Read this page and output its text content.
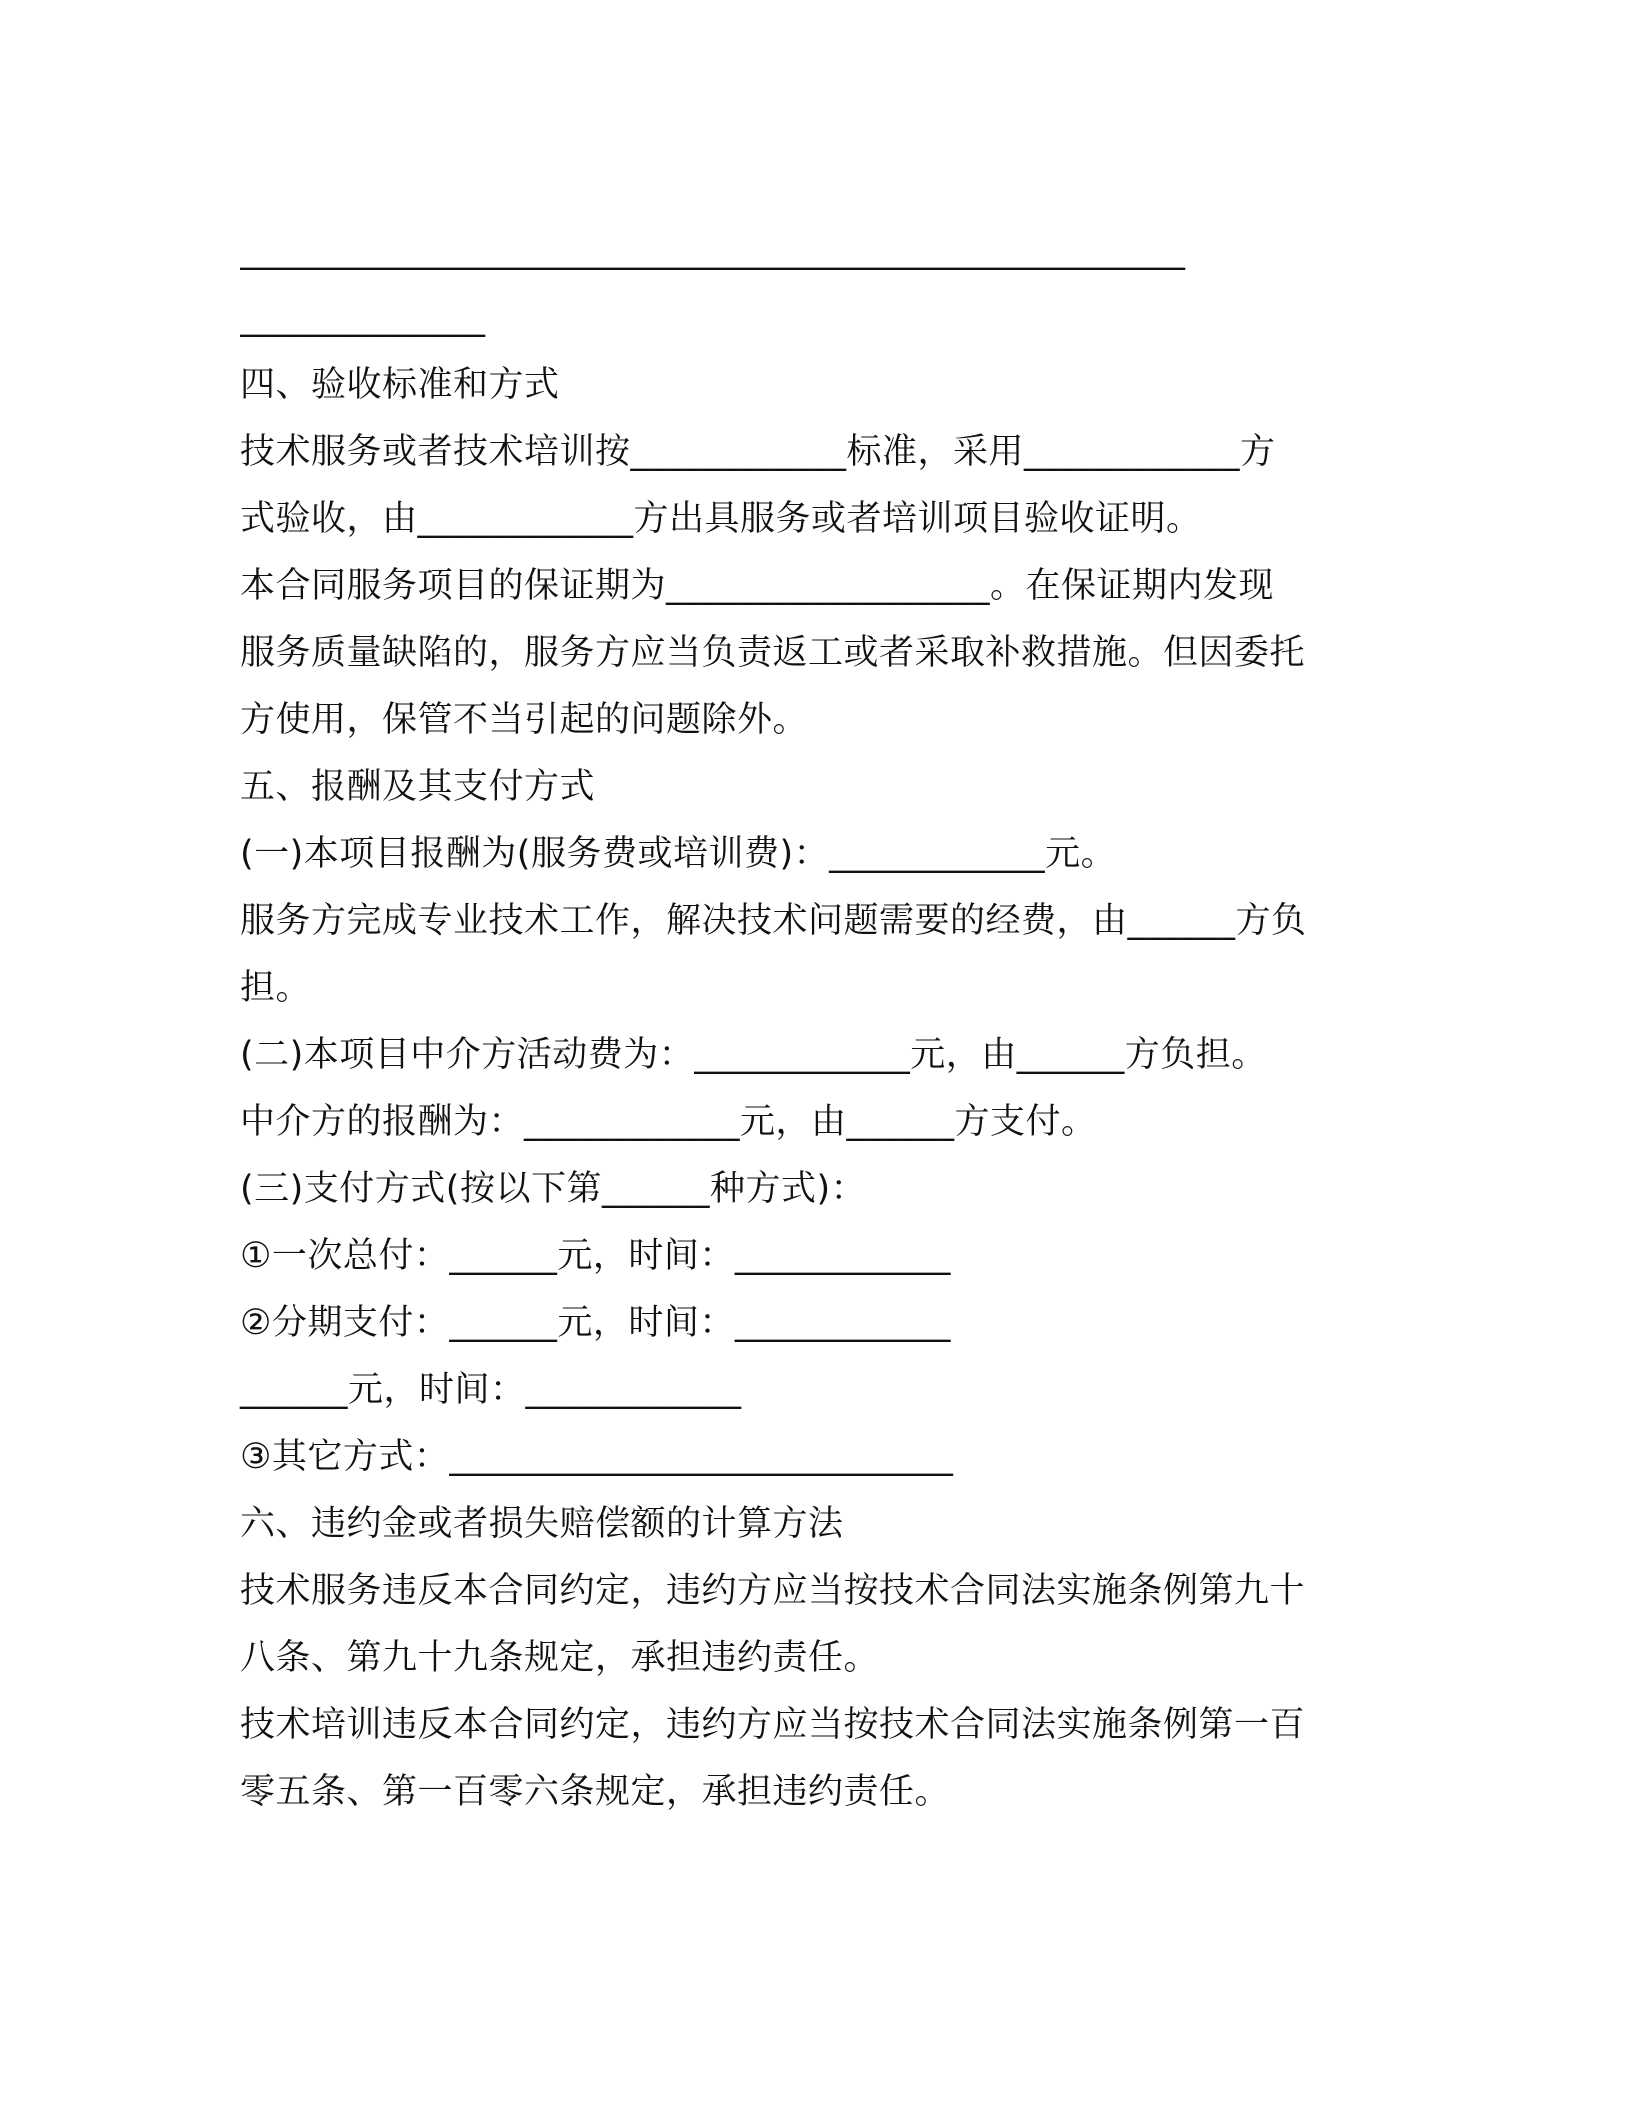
______________________________________________________
______________
四、验收标准和方式
技术服务或者技术培训按____________标准，采用____________方
式验收，由____________方出具服务或者培训项目验收证明。
本合同服务项目的保证期为__________________。在保证期内发现
服务质量缺陷的，服务方应当负责返工或者采取补救措施。但因委托
方使用，保管不当引起的问题除外。
五、报酬及其支付方式
(一)本项目报酬为(服务费或培训费)：____________元。
服务方完成专业技术工作，解决技术问题需要的经费，由______方负
担。
(二)本项目中介方活动费为：____________元，由______方负担。
中介方的报酬为：____________元，由______方支付。
(三)支付方式(按以下第______种方式)：
①一次总付：______元，时间：____________
②分期支付：______元，时间：____________
______元，时间：____________
③其它方式：____________________________
六、违约金或者损失赔偿额的计算方法
技术服务违反本合同约定，违约方应当按技术合同法实施条例第九十
八条、第九十九条规定，承担违约责任。
技术培训违反本合同约定，违约方应当按技术合同法实施条例第一百
零五条、第一百零六条规定，承担违约责任。
